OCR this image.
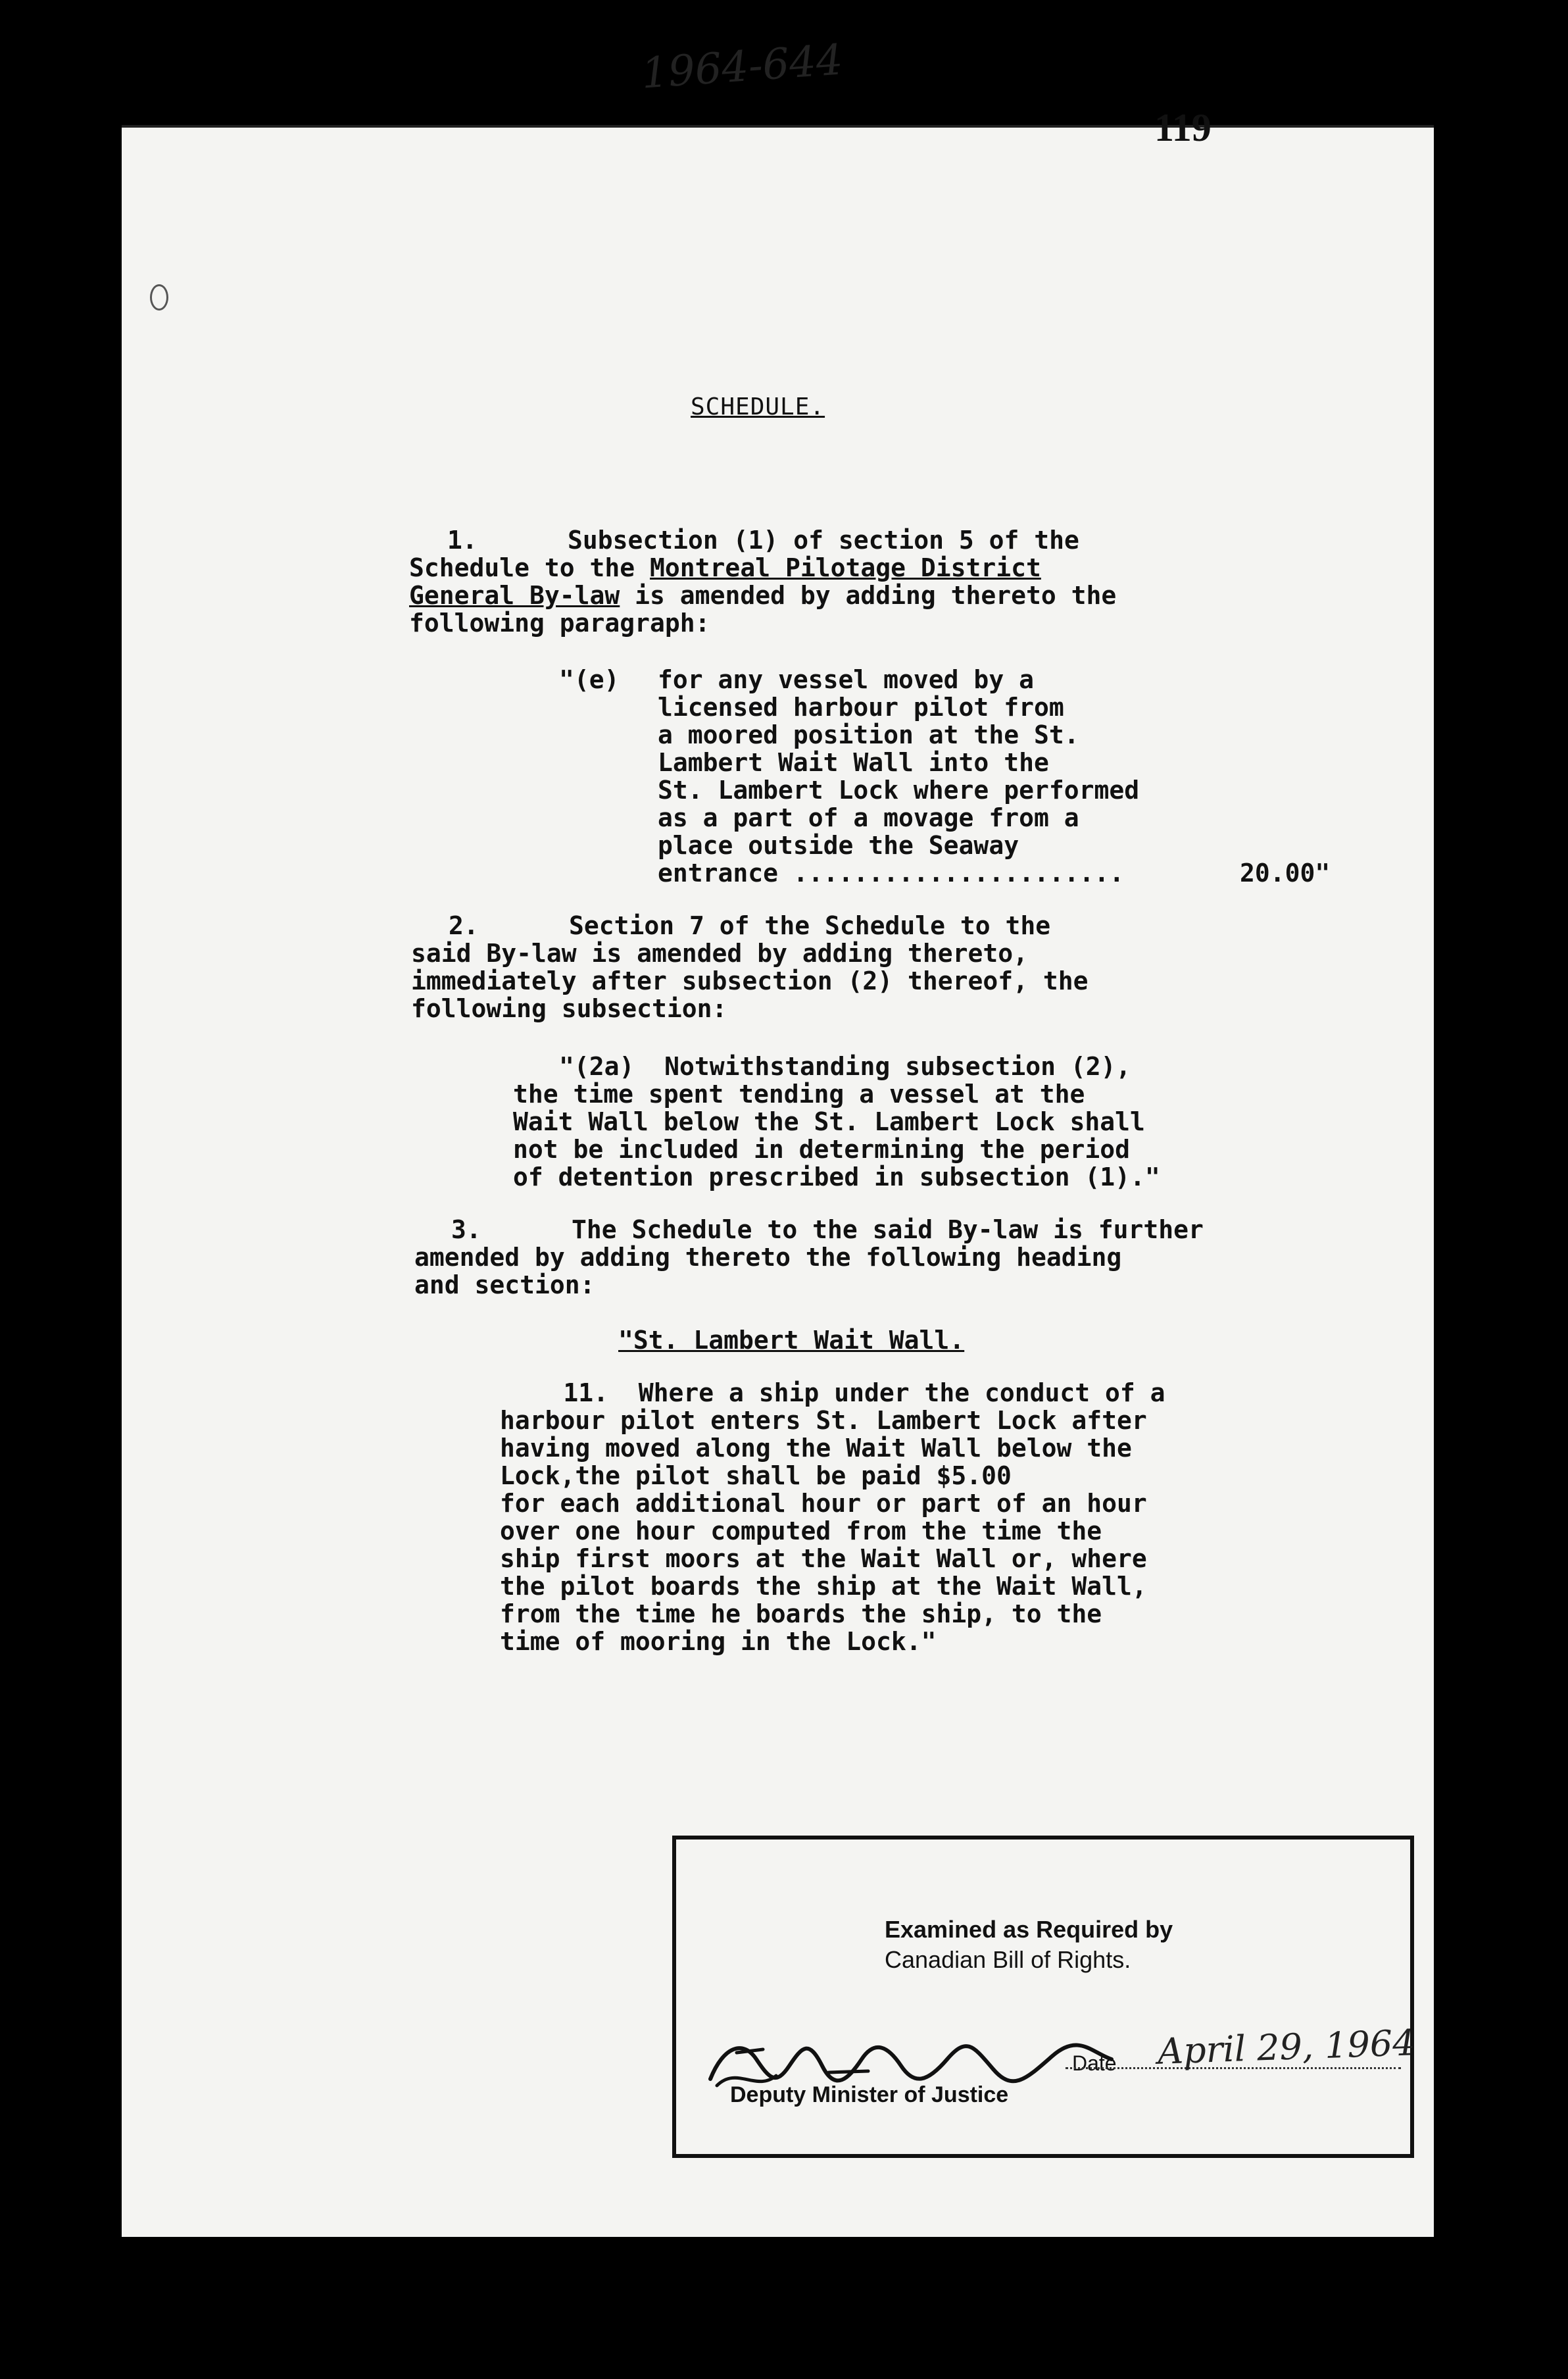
1964-644
119
SCHEDULE.
1.      Subsection (1) of section 5 of the
Schedule to the Montreal Pilotage District
General By-law is amended by adding thereto the
following paragraph:
"(e) for any vessel moved by a
licensed harbour pilot from
a moored position at the St.
Lambert Wait Wall into the
St. Lambert Lock where performed
as a part of a movage from a
place outside the Seaway
entrance ......................	20.00"
2.      Section 7 of the Schedule to the
said By-law is amended by adding thereto,
immediately after subsection (2) thereof, the
following subsection:
"(2a)  Notwithstanding subsection (2),
the time spent tending a vessel at the
Wait Wall below the St. Lambert Lock shall
not be included in determining the period
of detention prescribed in subsection (1)."
3.      The Schedule to the said By-law is further
amended by adding thereto the following heading
and section:
"St. Lambert Wait Wall.
11.  Where a ship under the conduct of a
harbour pilot enters St. Lambert Lock after
having moved along the Wait Wall below the
Lock,the pilot shall be paid $5.00
for each additional hour or part of an hour
over one hour computed from the time the
ship first moors at the Wait Wall or, where
the pilot boards the ship at the Wait Wall,
from the time he boards the ship, to the
time of mooring in the Lock."
Examined as Required by
Canadian Bill of Rights.
Date April 29, 1964
Deputy Minister of Justice
